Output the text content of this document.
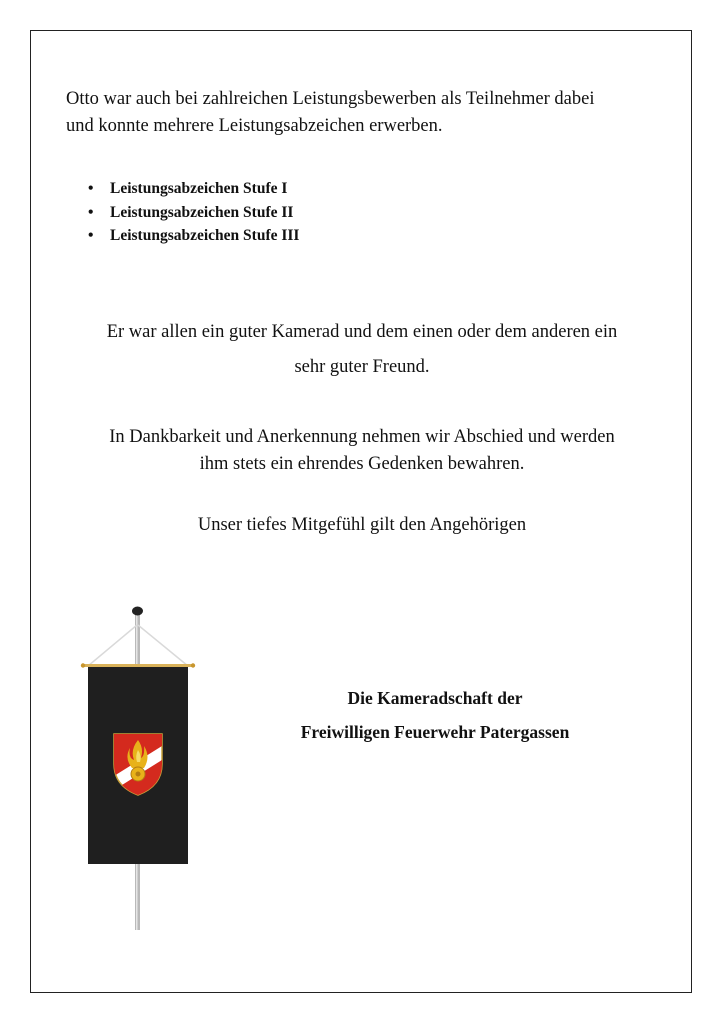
Otto war auch bei zahlreichen Leistungsbewerben als Teilnehmer dabei
und konnte mehrere Leistungsabzeichen erwerben.

• Leistungsabzeichen Stufe I
• Leistungsabzeichen Stufe II
• Leistungsabzeichen Stufe III

Er war allen ein guter Kamerad und dem einen oder dem anderen ein

sehr guter Freund.

In Dankbarkeit und Anerkennung nehmen wir Abschied und werden
ihm stets ein ehrendes Gedenken bewahren.

Unser tiefes Mitgefühl gilt den Angehörigen

Die Kameradschaft der

Freiwilligen Feuerwehr Patergassen
